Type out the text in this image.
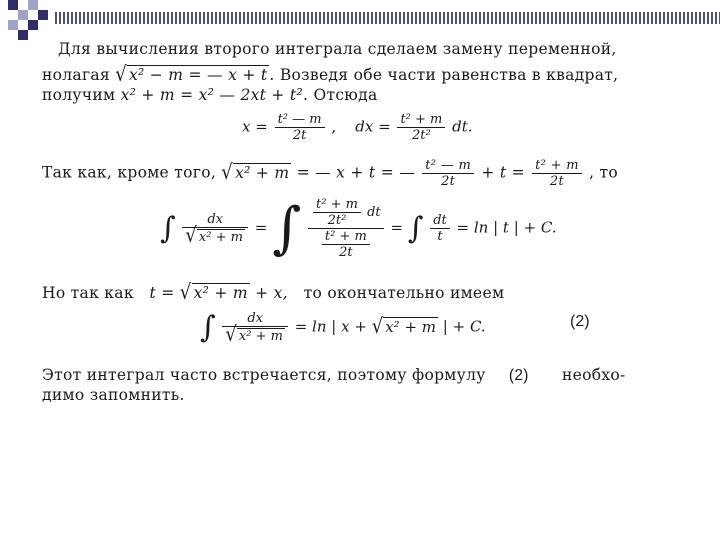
Для вычисления второго интеграла сделаем замену переменной,
нолагая √ x² − m = — x + t . Возведя обе части равенства в квадрат,
получим x² + m = x² — 2xt + t². Отсюда
$x = \frac{\text{t² — m}}{2t}$ , dx = $\frac{\text{t² + m}}{\text{2t²}}$ dt.
Так как, кроме того, √ x² + m = — x + t = — $\frac{\text{t² — m}}{2t} + t = \frac{\text{t² + m}}{2t}$ , то
∫ $\frac{dx}{\text{√ x² + m}}$ = ∫ $\frac{\frac{\text{t² + m}}{\text{2t²}} dt}{\frac{\text{t² + m}}{2t}}$ = ∫ $\frac{dt}{t} = \ln$ | t | + C.
Но так как t = √ x² + m + x, то окончательно имеем
∫ $\frac{dx}{\text{√ x² + m}} = \ln$ | x + √ x² + m | + C.	(2)
Этот интеграл часто встречается, поэтому формулу (2) необхо-
димо запомнить.
